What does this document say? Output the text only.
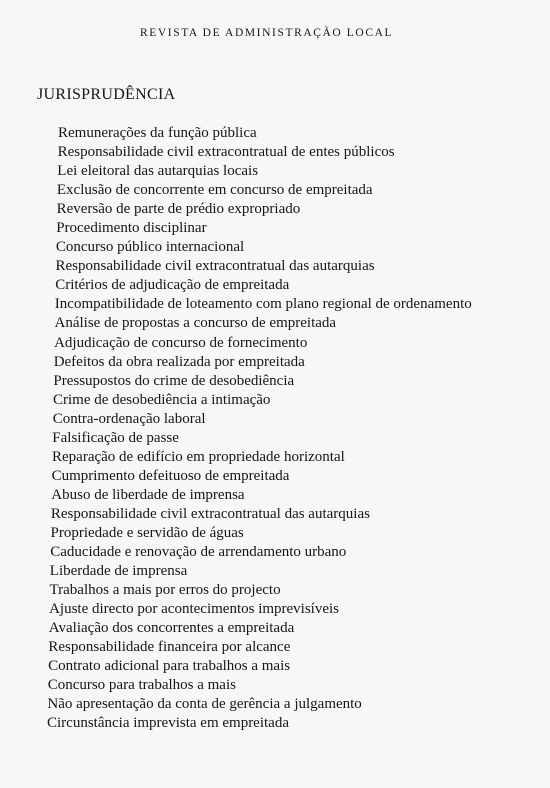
REVISTA DE ADMINISTRAÇÃO LOCAL
JURISPRUDÊNCIA
Remunerações da função pública
Responsabilidade civil extracontratual de entes públicos
Lei eleitoral das autarquias locais
Exclusão de concorrente em concurso de empreitada
Reversão de parte de prédio expropriado
Procedimento disciplinar
Concurso público internacional
Responsabilidade civil extracontratual das autarquias
Critérios de adjudicação de empreitada
Incompatibilidade de loteamento com plano regional de ordenamento
Análise de propostas a concurso de empreitada
Adjudicação de concurso de fornecimento
Defeitos da obra realizada por empreitada
Pressupostos do crime de desobediência
Crime de desobediência a intimação
Contra-ordenação laboral
Falsificação de passe
Reparação de edifício em propriedade horizontal
Cumprimento defeituoso de empreitada
Abuso de liberdade de imprensa
Responsabilidade civil extracontratual das autarquias
Propriedade e servidão de águas
Caducidade e renovação de arrendamento urbano
Liberdade de imprensa
Trabalhos a mais por erros do projecto
Ajuste directo por acontecimentos imprevisíveis
Avaliação dos concorrentes a empreitada
Responsabilidade financeira por alcance
Contrato adicional para trabalhos a mais
Concurso para trabalhos a mais
Não apresentação da conta de gerência a julgamento
Circunstância imprevista em empreitada
